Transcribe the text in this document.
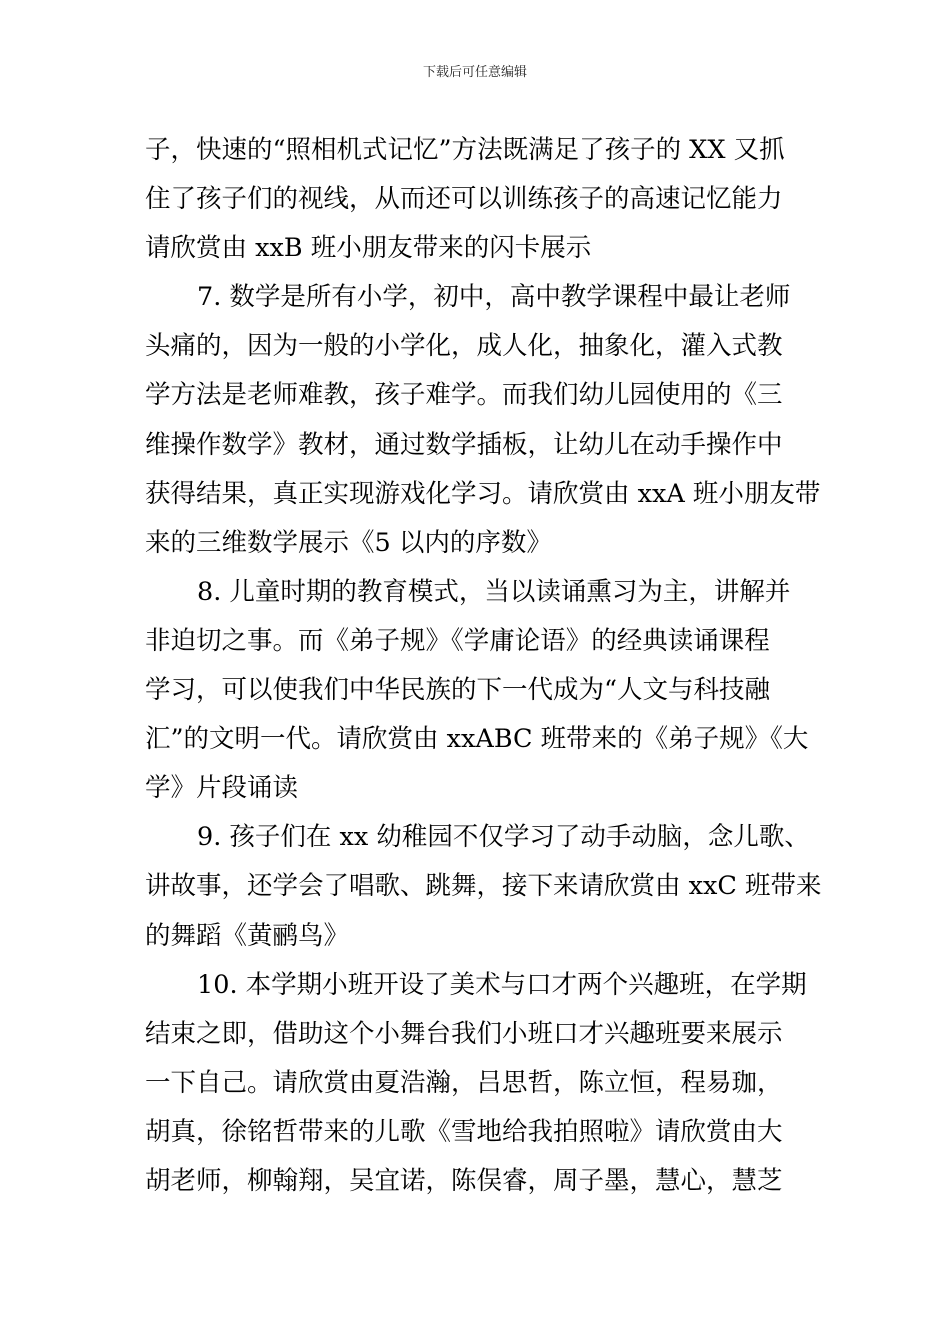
下载后可任意编辑
子，快速的“照相机式记忆”方法既满足了孩子的 XX 又抓
住了孩子们的视线，从而还可以训练孩子的高速记忆能力
请欣赏由 xxB 班小朋友带来的闪卡展示
7. 数学是所有小学，初中，高中教学课程中最让老师
头痛的，因为一般的小学化，成人化，抽象化，灌入式教
学方法是老师难教，孩子难学。而我们幼儿园使用的《三
维操作数学》教材，通过数学插板，让幼儿在动手操作中
获得结果，真正实现游戏化学习。请欣赏由 xxA 班小朋友带
来的三维数学展示《5 以内的序数》
8. 儿童时期的教育模式，当以读诵熏习为主，讲解并
非迫切之事。而《弟子规》《学庸论语》的经典读诵课程
学习，可以使我们中华民族的下一代成为“人文与科技融
汇”的文明一代。请欣赏由 xxABC 班带来的《弟子规》《大
学》片段诵读
9. 孩子们在 xx 幼稚园不仅学习了动手动脑，念儿歌、
讲故事，还学会了唱歌、跳舞，接下来请欣赏由 xxC 班带来
的舞蹈《黄鹂鸟》
10. 本学期小班开设了美术与口才两个兴趣班，在学期
结束之即，借助这个小舞台我们小班口才兴趣班要来展示
一下自己。请欣赏由夏浩瀚，吕思哲，陈立恒，程易珈，
胡真，徐铭哲带来的儿歌《雪地给我拍照啦》请欣赏由大
胡老师，柳翰翔，吴宜诺，陈俣睿，周子墨，慧心，慧芝
